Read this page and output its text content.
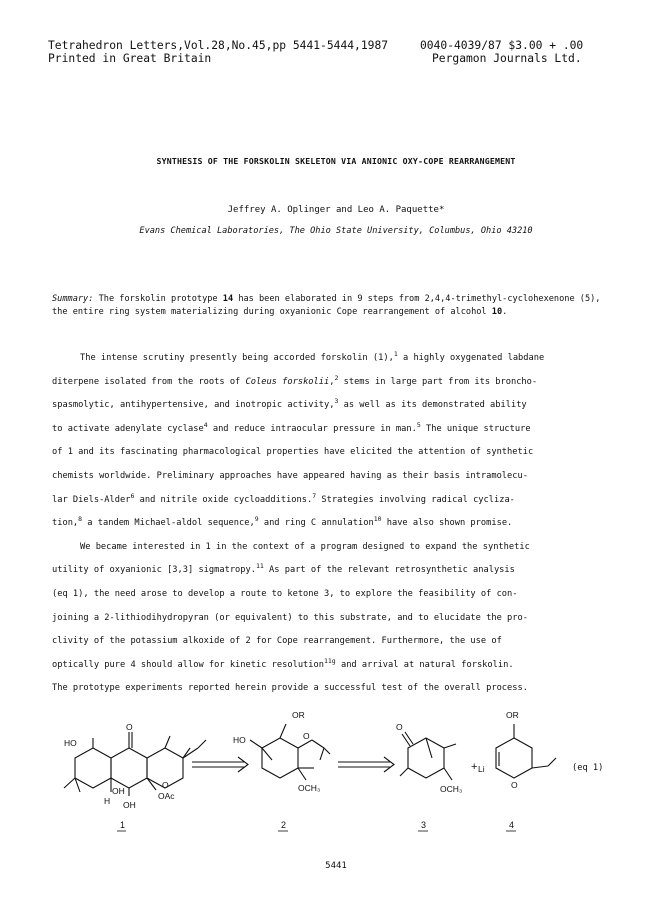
Tetrahedron Letters,Vol.28,No.45,pp 5441-5444,1987
Printed in Great Britain
0040-4039/87 $3.00 + .00
Pergamon Journals Ltd.
SYNTHESIS OF THE FORSKOLIN SKELETON VIA ANIONIC OXY-COPE REARRANGEMENT
Jeffrey A. Oplinger and Leo A. Paquette*
Evans Chemical Laboratories, The Ohio State University, Columbus, Ohio 43210
Summary: The forskolin prototype 14 has been elaborated in 9 steps from 2,4,4-trimethyl-cyclohexenone (5), the entire ring system materializing during oxyanionic Cope rearrangement of alcohol 10.

The intense scrutiny presently being accorded forskolin (1),$^1$ a highly oxygenated labdane

diterpene isolated from the roots of Coleus forskolii,$^2$ stems in large part from its broncho-

spasmolytic, antihypertensive, and inotropic activity,$^3$ as well as its demonstrated ability

to activate adenylate cyclase$^4$ and reduce intraocular pressure in man.$^5$ The unique structure

of 1 and its fascinating pharmacological properties have elicited the attention of synthetic

chemists worldwide. Preliminary approaches have appeared having as their basis intramolecu-

lar Diels-Alder$^6$ and nitrile oxide cycloadditions.$^7$ Strategies involving radical cycliza-

tion,$^8$ a tandem Michael-aldol sequence,$^9$ and ring C annulation$^{10}$ have also shown promise.

We became interested in 1 in the context of a program designed to expand the synthetic

utility of oxyanionic [3,3] sigmatropy.$^{11}$ As part of the relevant retrosynthetic analysis

(eq 1), the need arose to develop a route to ketone 3, to explore the feasibility of con-

joining a 2-lithiodihydropyran (or equivalent) to this substrate, and to elucidate the pro-

clivity of the potassium alkoxide of 2 for Cope rearrangement. Furthermore, the use of

optically pure 4 should allow for kinetic resolution$^{11g}$ and arrival at natural forskolin.

The prototype experiments reported herein provide a successful test of the overall process.

HO
O
OH
O
OAc
H OH
OR
HO	O
OCH₃
O
OCH₃
+
OR
Li
O
(eq 1)
1	2	3	4
5441
